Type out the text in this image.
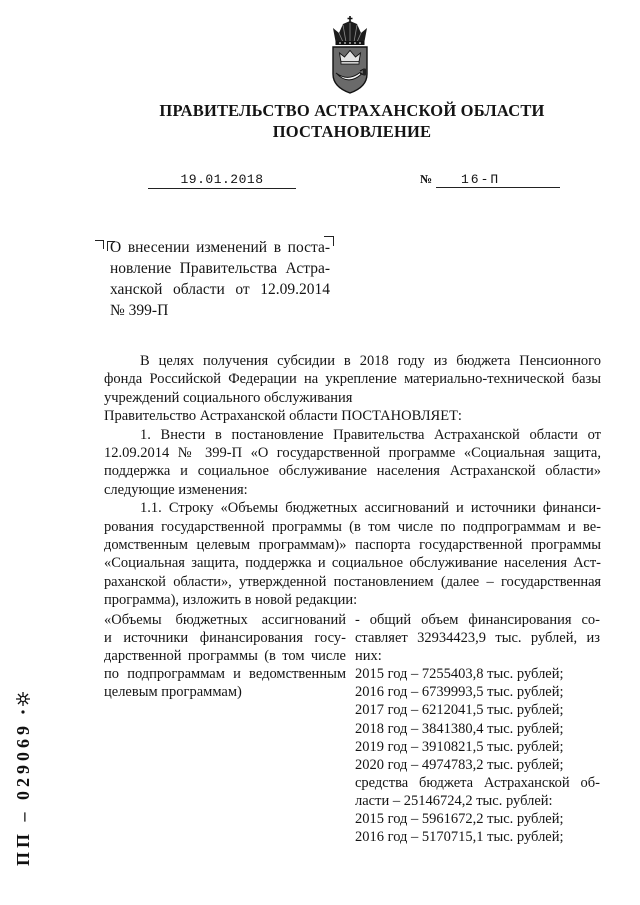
ПРАВИТЕЛЬСТВО АСТРАХАНСКОЙ ОБЛАСТИ
ПОСТАНОВЛЕНИЕ
19.01.2018	№	16-П
О внесении изменений в поста-
новление Правительства Астра-
ханской области от 12.09.2014
№ 399-П
В целях получения субсидии в 2018 году из бюджета Пенсионного
фонда Российской Федерации на укрепление материально-технической базы
учреждений социального обслуживания
Правительство Астраханской области ПОСТАНОВЛЯЕТ:
1. Внести в постановление Правительства Астраханской области от
12.09.2014 № 399-П «О государственной программе «Социальная защита,
поддержка и социальное обслуживание населения Астраханской области»
следующие изменения:
1.1. Строку «Объемы бюджетных ассигнований и источники финанси-
рования государственной программы (в том числе по подпрограммам и ве-
домственным целевым программам)» паспорта государственной программы
«Социальная защита, поддержка и социальное обслуживание населения Аст-
раханской области», утвержденной постановлением (далее – государственная
программа), изложить в новой редакции:
«Объемы бюджетных ассигнований
и источники финансирования госу-
дарственной программы (в том числе
по подпрограммам и ведомственным
целевым программам)
- общий объем финансирования со-
ставляет 32934423,9 тыс. рублей, из
них:
2015 год – 7255403,8 тыс. рублей;
2016 год – 6739993,5 тыс. рублей;
2017 год – 6212041,5 тыс. рублей;
2018 год – 3841380,4 тыс. рублей;
2019 год – 3910821,5 тыс. рублей;
2020 год – 4974783,2 тыс. рублей;
средства бюджета Астраханской об-
ласти – 25146724,2 тыс. рублей:
2015 год – 5961672,2 тыс. рублей;
2016 год – 5170715,1 тыс. рублей;
ПП – 029069
